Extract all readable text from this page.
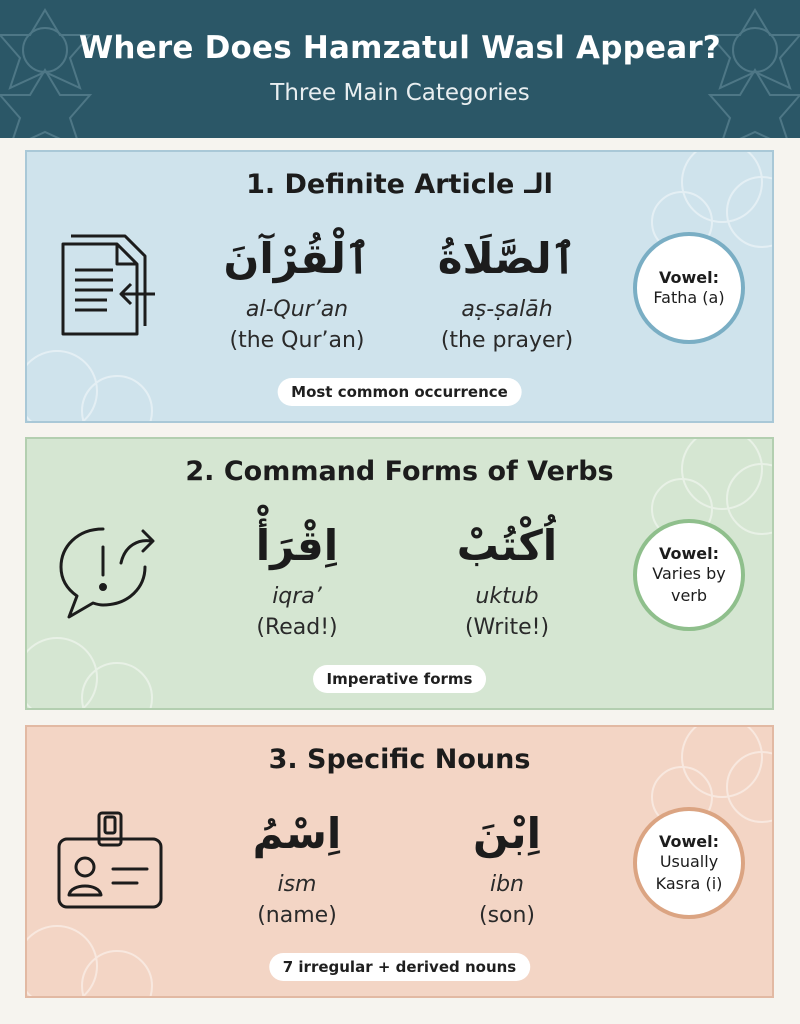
Where Does Hamzatul Wasl Appear?
Three Main Categories
1. Definite Article الـ
ٱلْقُرْآنَ
al-Qur’an
(the Qur’an)
ٱلصَّلَاةُ
aṣ-ṣalāh
(the prayer)
Vowel:
Fatha (a)
Most common occurrence
2. Command Forms of Verbs
اِقْرَأْ
iqra’
(Read!)
اُكْتُبْ
uktub
(Write!)
Vowel:
Varies by verb
Imperative forms
3. Specific Nouns
اِسْمُ
ism
(name)
اِبْنَ
ibn
(son)
Vowel:
Usually Kasra (i)
7 irregular + derived nouns
